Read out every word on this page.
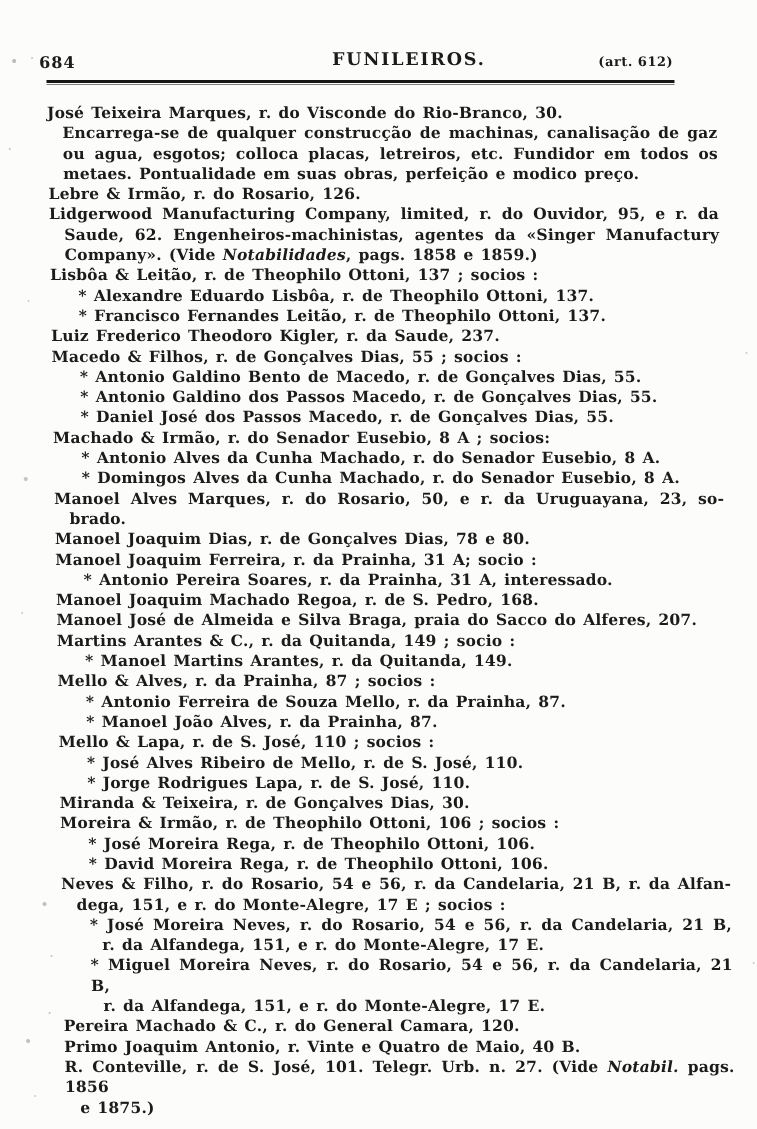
684	FUNILEIROS.	(art. 612)
José Teixeira Marques, r. do Visconde do Rio-Branco, 30.
Encarrega-se de qualquer construcção de machinas, canalisação de gaz
ou agua, esgotos; colloca placas, letreiros, etc. Fundidor em todos os
metaes. Pontualidade em suas obras, perfeição e modico preço.
Lebre & Irmão, r. do Rosario, 126.
Lidgerwood Manufacturing Company, limited, r. do Ouvidor, 95, e r. da
Saude, 62. Engenheiros-machinistas, agentes da «Singer Manufactury
Company». (Vide Notabilidades, pags. 1858 e 1859.)
Lisbôa & Leitão, r. de Theophilo Ottoni, 137 ; socios :
* Alexandre Eduardo Lisbôa, r. de Theophilo Ottoni, 137.
* Francisco Fernandes Leitão, r. de Theophilo Ottoni, 137.
Luiz Frederico Theodoro Kigler, r. da Saude, 237.
Macedo & Filhos, r. de Gonçalves Dias, 55 ; socios :
* Antonio Galdino Bento de Macedo, r. de Gonçalves Dias, 55.
* Antonio Galdino dos Passos Macedo, r. de Gonçalves Dias, 55.
* Daniel José dos Passos Macedo, r. de Gonçalves Dias, 55.
Machado & Irmão, r. do Senador Eusebio, 8 A ; socios:
* Antonio Alves da Cunha Machado, r. do Senador Eusebio, 8 A.
* Domingos Alves da Cunha Machado, r. do Senador Eusebio, 8 A.
Manoel Alves Marques, r. do Rosario, 50, e r. da Uruguayana, 23, so-
brado.
Manoel Joaquim Dias, r. de Gonçalves Dias, 78 e 80.
Manoel Joaquim Ferreira, r. da Prainha, 31 A; socio :
* Antonio Pereira Soares, r. da Prainha, 31 A, interessado.
Manoel Joaquim Machado Regoa, r. de S. Pedro, 168.
Manoel José de Almeida e Silva Braga, praia do Sacco do Alferes, 207.
Martins Arantes & C., r. da Quitanda, 149 ; socio :
* Manoel Martins Arantes, r. da Quitanda, 149.
Mello & Alves, r. da Prainha, 87 ; socios :
* Antonio Ferreira de Souza Mello, r. da Prainha, 87.
* Manoel João Alves, r. da Prainha, 87.
Mello & Lapa, r. de S. José, 110 ; socios :
* José Alves Ribeiro de Mello, r. de S. José, 110.
* Jorge Rodrigues Lapa, r. de S. José, 110.
Miranda & Teixeira, r. de Gonçalves Dias, 30.
Moreira & Irmão, r. de Theophilo Ottoni, 106 ; socios :
* José Moreira Rega, r. de Theophilo Ottoni, 106.
* David Moreira Rega, r. de Theophilo Ottoni, 106.
Neves & Filho, r. do Rosario, 54 e 56, r. da Candelaria, 21 B, r. da Alfan-
dega, 151, e r. do Monte-Alegre, 17 E ; socios :
* José Moreira Neves, r. do Rosario, 54 e 56, r. da Candelaria, 21 B,
r. da Alfandega, 151, e r. do Monte-Alegre, 17 E.
* Miguel Moreira Neves, r. do Rosario, 54 e 56, r. da Candelaria, 21 B,
r. da Alfandega, 151, e r. do Monte-Alegre, 17 E.
Pereira Machado & C., r. do General Camara, 120.
Primo Joaquim Antonio, r. Vinte e Quatro de Maio, 40 B.
R. Conteville, r. de S. José, 101. Telegr. Urb. n. 27. (Vide Notabil. pags. 1856
e 1875.)
